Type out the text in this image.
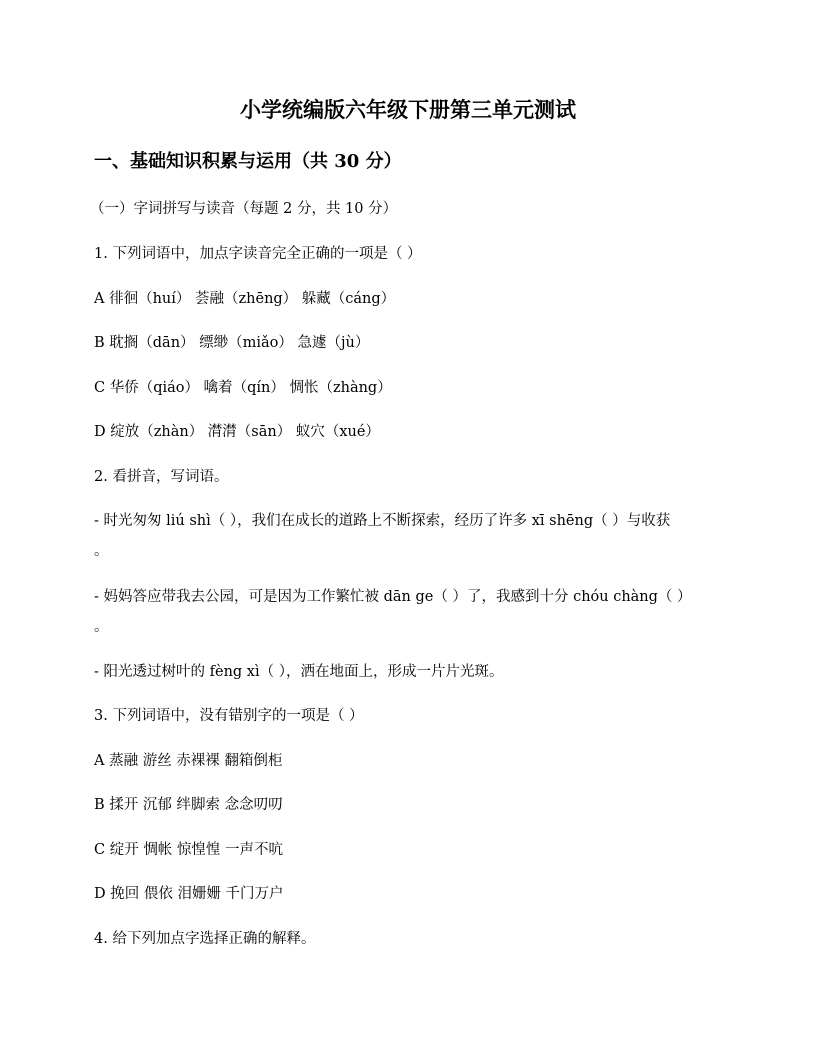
小学统编版六年级下册第三单元测试
一、基础知识积累与运用（共 30 分）
（一）字词拼写与读音（每题 2 分，共 10 分）
1. 下列词语中，加点字读音完全正确的一项是（ ）
A 徘徊（huí） 荟融（zhēng） 躲藏（cáng）
B 耽搁（dān） 缥缈（miǎo） 急遽（jù）
C 华侨（qiáo） 噙着（qín） 惆怅（zhàng）
D 绽放（zhàn） 潸潸（sān） 蚁穴（xué）
2. 看拼音，写词语。
- 时光匆匆 liú shì（ ），我们在成长的道路上不断探索，经历了许多 xī shēng（ ）与收获
。
- 妈妈答应带我去公园，可是因为工作繁忙被 dān ge（ ）了，我感到十分 chóu chàng（ ）
。
- 阳光透过树叶的 fèng xì（ ），洒在地面上，形成一片片光斑。
3. 下列词语中，没有错别字的一项是（ ）
A 蒸融 游丝 赤裸裸 翻箱倒柜
B 揉开 沉郁 绊脚索 念念叨叨
C 绽开 惆帐 惊惶惶 一声不吭
D 挽回 偎依 泪姗姗 千门万户
4. 给下列加点字选择正确的解释。
